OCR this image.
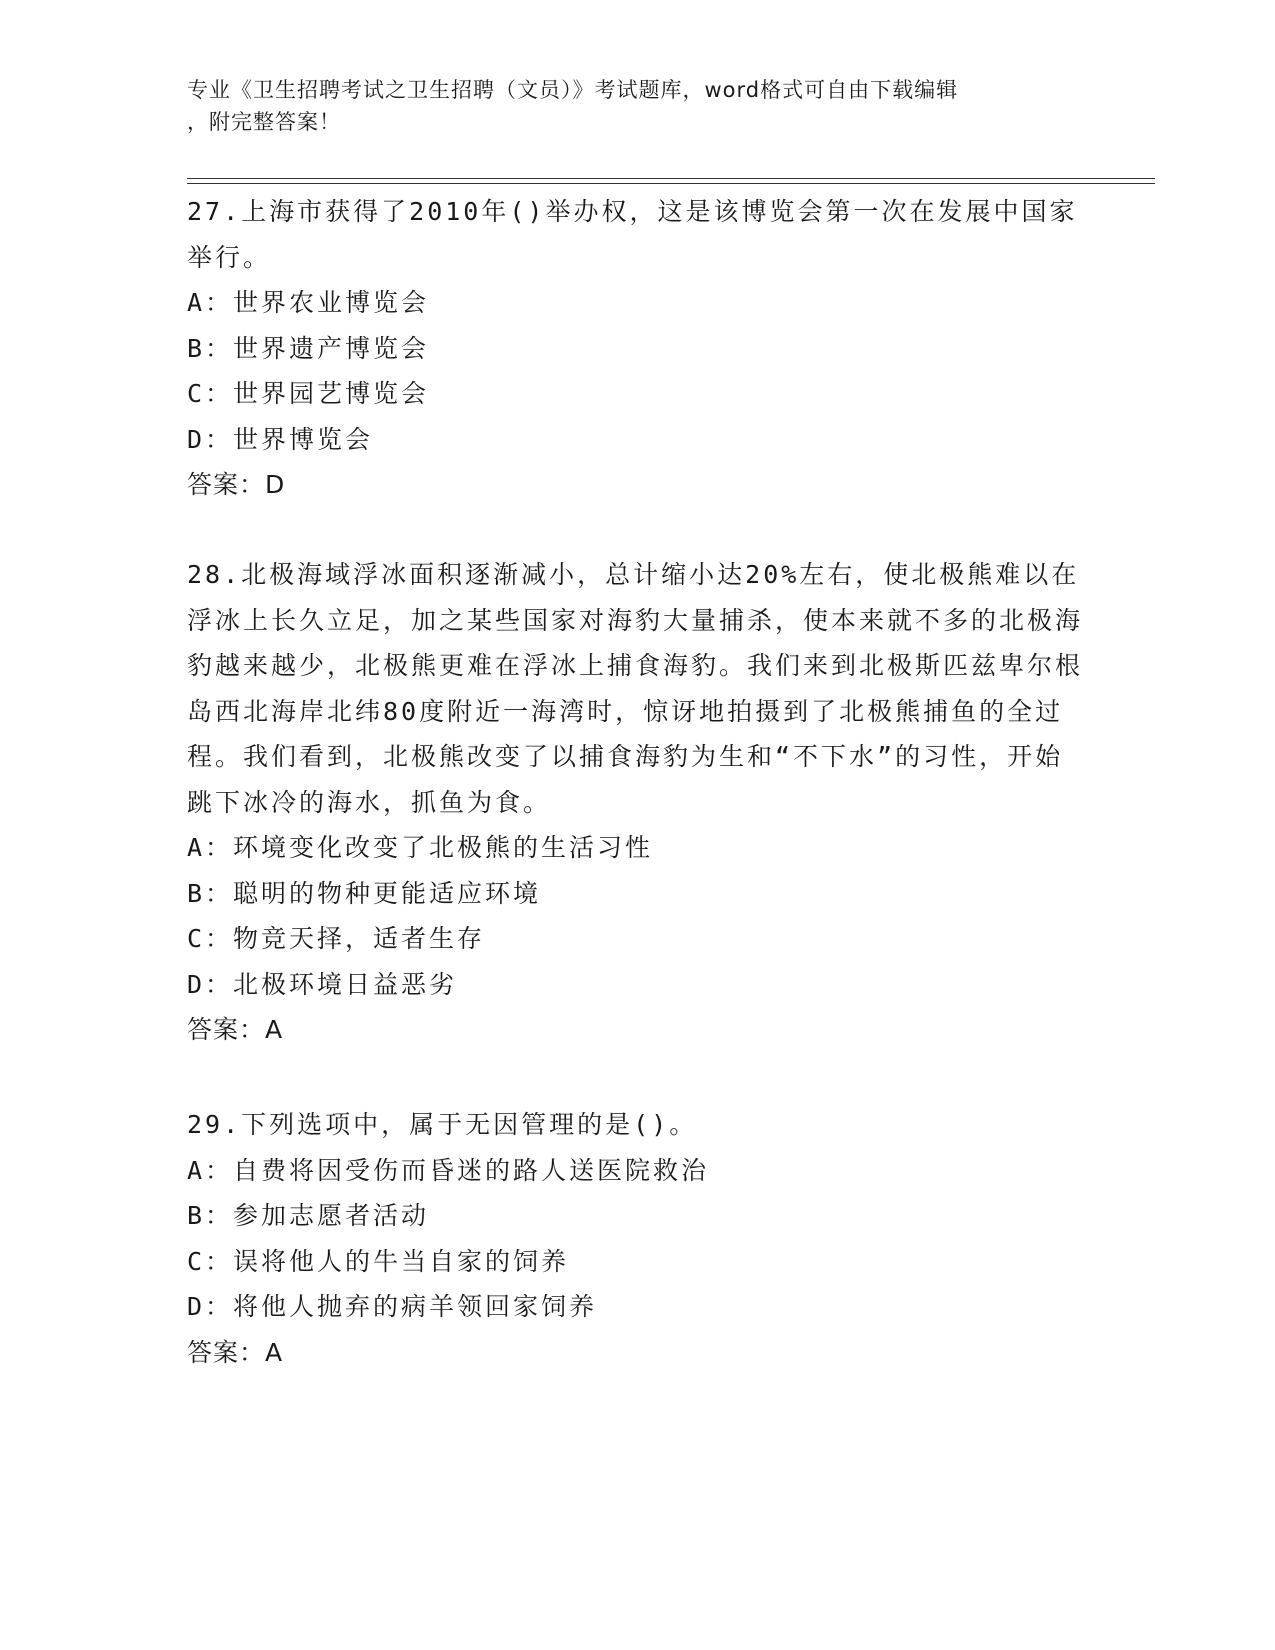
专业《卫生招聘考试之卫生招聘（文员）》考试题库，word格式可自由下载编辑
，附完整答案！
27.上海市获得了2010年()举办权，这是该博览会第一次在发展中国家举行。
A：世界农业博览会
B：世界遗产博览会
C：世界园艺博览会
D：世界博览会
答案：D
28.北极海域浮冰面积逐渐减小，总计缩小达20%左右，使北极熊难以在浮冰上长久立足，加之某些国家对海豹大量捕杀，使本来就不多的北极海豹越来越少，北极熊更难在浮冰上捕食海豹。我们来到北极斯匹兹卑尔根岛西北海岸北纬80度附近一海湾时，惊讶地拍摄到了北极熊捕鱼的全过程。我们看到，北极熊改变了以捕食海豹为生和“不下水”的习性，开始跳下冰冷的海水，抓鱼为食。
A：环境变化改变了北极熊的生活习性
B：聪明的物种更能适应环境
C：物竞天择，适者生存
D：北极环境日益恶劣
答案：A
29.下列选项中，属于无因管理的是()。
A：自费将因受伤而昏迷的路人送医院救治
B：参加志愿者活动
C：误将他人的牛当自家的饲养
D：将他人抛弃的病羊领回家饲养
答案：A
